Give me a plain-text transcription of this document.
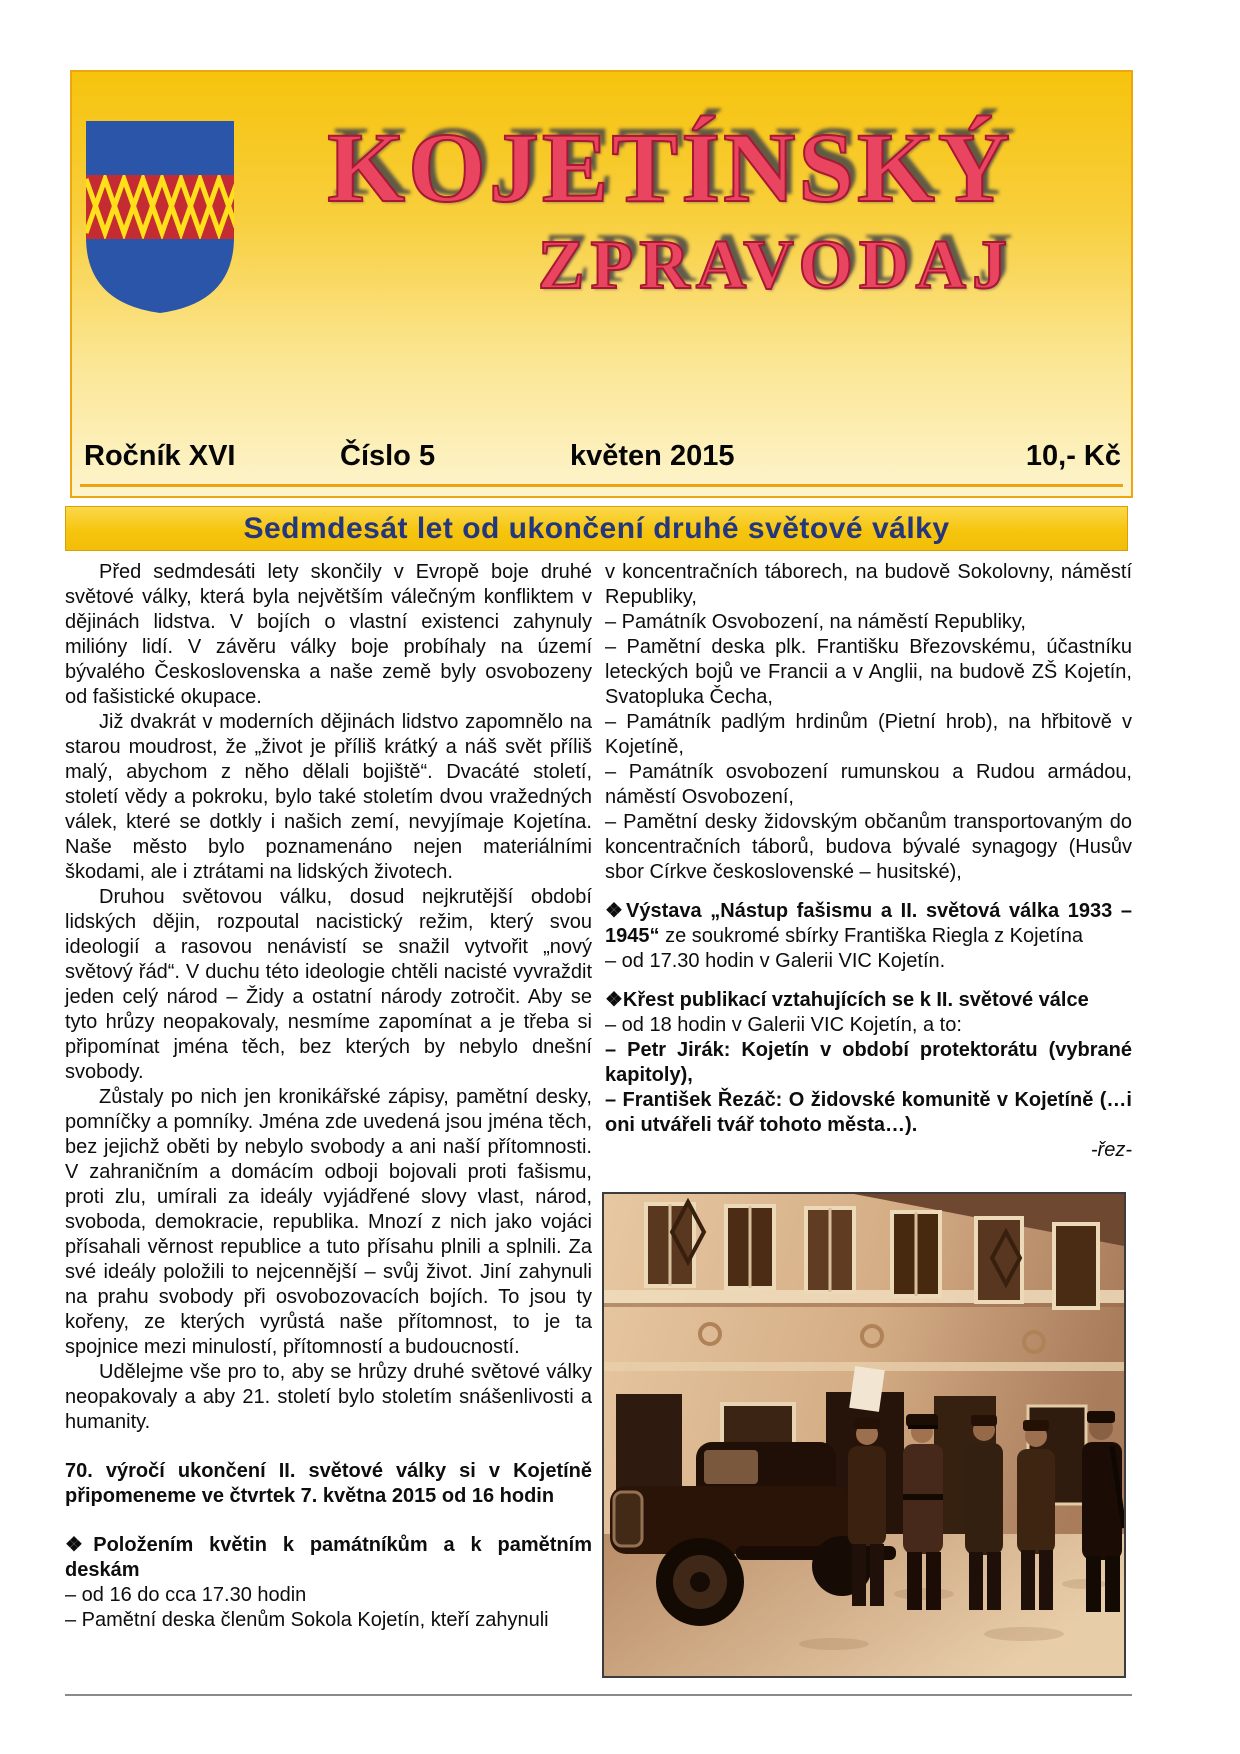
KOJETÍNSKÝ
ZPRAVODAJ
Ročník XVI	Číslo 5	květen 2015	10,- Kč
Sedmdesát let od ukončení druhé světové války

Před sedmdesáti lety skončily v Evropě boje druhé světové války, která byla největším válečným konfliktem v dějinách lidstva. V bojích o vlastní existenci zahynuly milióny lidí. V závěru války boje probíhaly na území bývalého Československa a naše země byly osvobozeny od fašistické okupace.

Již dvakrát v moderních dějinách lidstvo zapomnělo na starou moudrost, že „život je příliš krátký a náš svět příliš malý, abychom z něho dělali bojiště“. Dvacáté století, století vědy a pokroku, bylo také stoletím dvou vražedných válek, které se dotkly i našich zemí, nevyjímaje Kojetína. Naše město bylo poznamenáno nejen materiálními škodami, ale i ztrátami na lidských životech.

Druhou světovou válku, dosud nejkrutější období lidských dějin, rozpoutal nacistický režim, který svou ideologií a rasovou nenávistí se snažil vytvořit „nový světový řád“. V duchu této ideologie chtěli nacisté vyvraždit jeden celý národ – Židy a ostatní národy zotročit. Aby se tyto hrůzy neopakovaly, nesmíme zapomínat a je třeba si připomínat jména těch, bez kterých by nebylo dnešní svobody.

Zůstaly po nich jen kronikářské zápisy, pamětní desky, pomníčky a pomníky. Jména zde uvedená jsou jména těch, bez jejichž oběti by nebylo svobody a ani naší přítomnosti. V zahraničním a domácím odboji bojovali proti fašismu, proti zlu, umírali za ideály vyjádřené slovy vlast, národ, svoboda, demokracie, republika. Mnozí z nich jako vojáci přísahali věrnost republice a tuto přísahu plnili a splnili. Za své ideály položili to nejcennější – svůj život. Jiní zahynuli na prahu svobody při osvobozovacích bojích. To jsou ty kořeny, ze kterých vyrůstá naše přítomnost, to je ta spojnice mezi minulostí, přítomností a budoucností.

Udělejme vše pro to, aby se hrůzy druhé světové války neopakovaly a aby 21. století bylo stoletím snášenlivosti a humanity.

70. výročí ukončení II. světové války si v Kojetíně připomeneme ve čtvrtek 7. května 2015 od 16 hodin

❖Položením květin k památníkům a k pamětním deskám

– od 16 do cca 17.30 hodin

– Pamětní deska členům Sokola Kojetín, kteří zahynuli

v koncentračních táborech, na budově Sokolovny, náměstí Republiky,

– Památník Osvobození, na náměstí Republiky,

– Pamětní deska plk. Františku Březovskému, účastníku leteckých bojů ve Francii a v Anglii, na budově ZŠ Kojetín, Svatopluka Čecha,

– Památník padlým hrdinům (Pietní hrob), na hřbitově v Kojetíně,

– Památník osvobození rumunskou a Rudou armádou, náměstí Osvobození,

– Pamětní desky židovským občanům transportovaným do koncentračních táborů, budova bývalé synagogy (Husův sbor Církve československé – husitské),

❖Výstava „Nástup fašismu a II. světová válka 1933 – 1945“ ze soukromé sbírky Františka Riegla z Kojetína

– od 17.30 hodin v Galerii VIC Kojetín.

❖Křest publikací vztahujících se k II. světové válce

– od 18 hodin v Galerii VIC Kojetín, a to:

– Petr Jirák: Kojetín v období protektorátu (vybrané kapitoly),

– František Řezáč: O židovské komunitě v Kojetíně (…i oni utvářeli tvář tohoto města…).

-řez-
